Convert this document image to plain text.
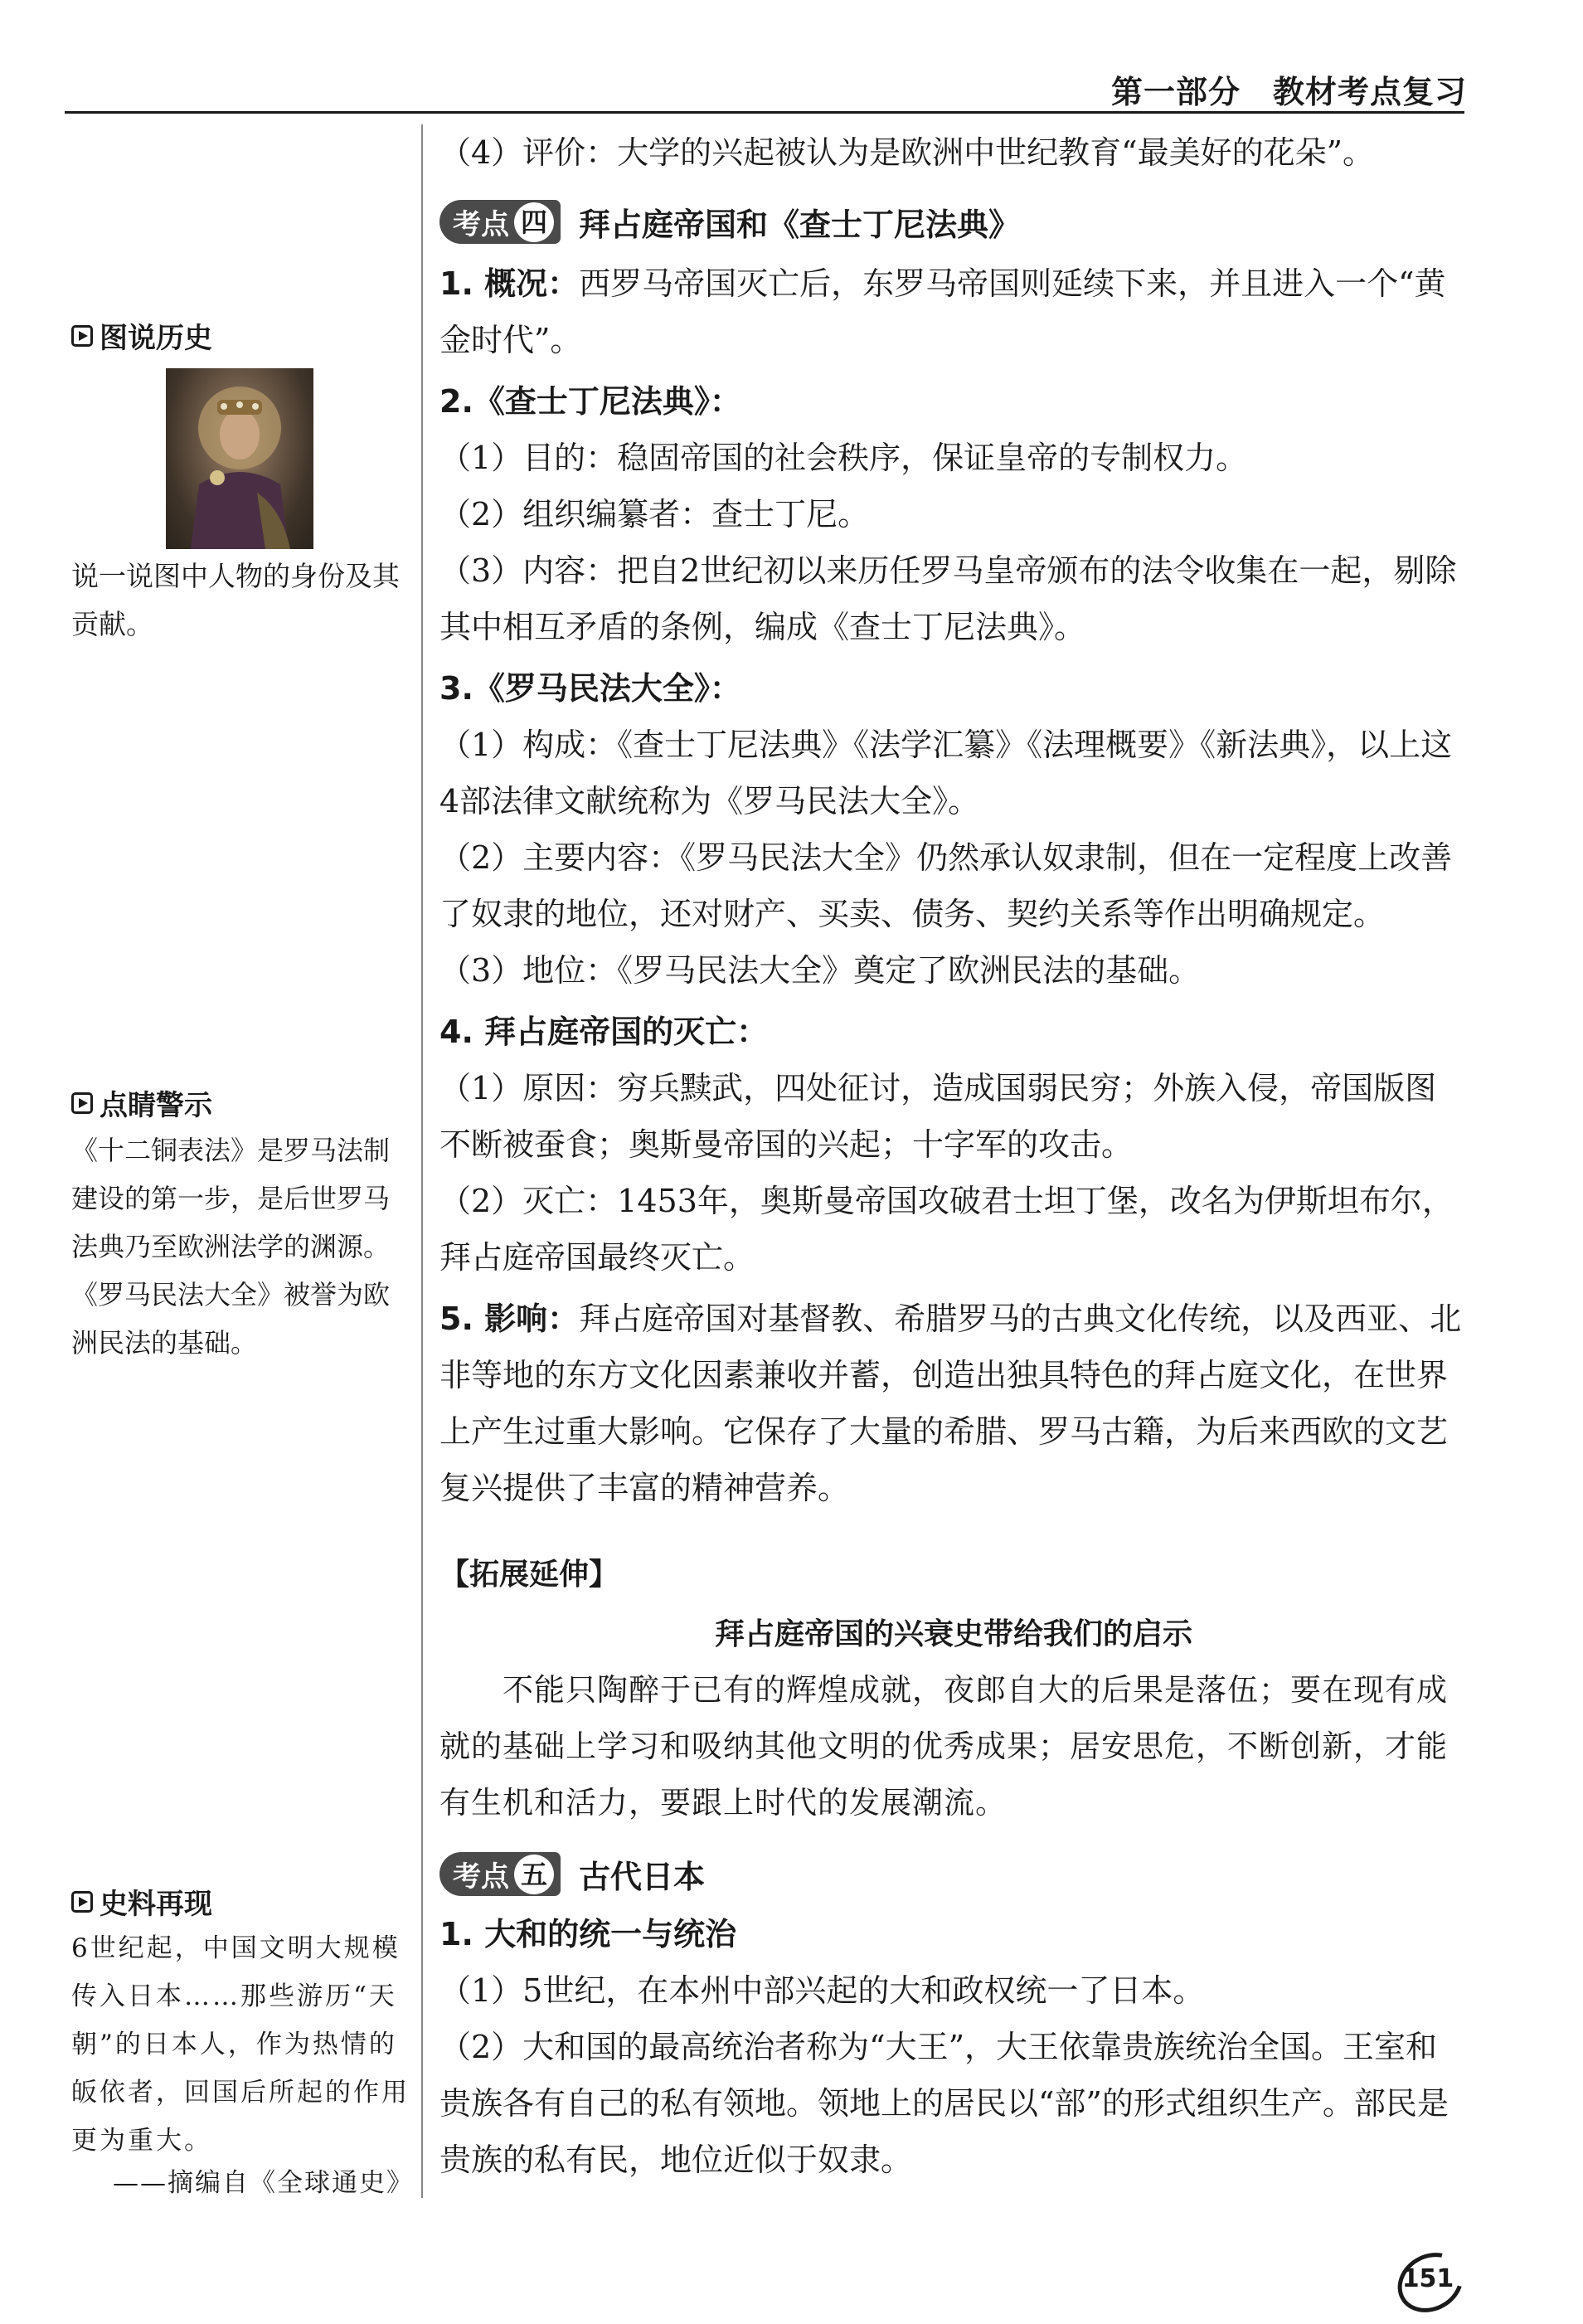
第一部分　教材考点复习
图说历史
说一说图中人物的身份及其贡献。
点睛警示
《十二铜表法》是罗马法制
建设的第一步，是后世罗马
法典乃至欧洲法学的渊源。
《罗马民法大全》被誉为欧
洲民法的基础。
史料再现
6世纪起，中国文明大规模
传入日本……那些游历“天
朝”的日本人，作为热情的
皈依者，回国后所起的作用
更为重大。
——摘编自《全球通史》
（4）评价：大学的兴起被认为是欧洲中世纪教育“最美好的花朵”。
考点 四 拜占庭帝国和《查士丁尼法典》
1. 概况：西罗马帝国灭亡后，东罗马帝国则延续下来，并且进入一个“黄金时代”。
2.《查士丁尼法典》：
（1）目的：稳固帝国的社会秩序，保证皇帝的专制权力。
（2）组织编纂者：查士丁尼。
（3）内容：把自2世纪初以来历任罗马皇帝颁布的法令收集在一起，剔除其中相互矛盾的条例，编成《查士丁尼法典》。
3.《罗马民法大全》：
（1）构成：《查士丁尼法典》《法学汇纂》《法理概要》《新法典》，以上这4部法律文献统称为《罗马民法大全》。
（2）主要内容：《罗马民法大全》仍然承认奴隶制，但在一定程度上改善了奴隶的地位，还对财产、买卖、债务、契约关系等作出明确规定。
（3）地位：《罗马民法大全》奠定了欧洲民法的基础。
4. 拜占庭帝国的灭亡：
（1）原因：穷兵黩武，四处征讨，造成国弱民穷；外族入侵，帝国版图不断被蚕食；奥斯曼帝国的兴起；十字军的攻击。
（2）灭亡：1453年，奥斯曼帝国攻破君士坦丁堡，改名为伊斯坦布尔，拜占庭帝国最终灭亡。
5. 影响：拜占庭帝国对基督教、希腊罗马的古典文化传统，以及西亚、北非等地的东方文化因素兼收并蓄，创造出独具特色的拜占庭文化，在世界上产生过重大影响。它保存了大量的希腊、罗马古籍，为后来西欧的文艺复兴提供了丰富的精神营养。
【拓展延伸】
拜占庭帝国的兴衰史带给我们的启示
不能只陶醉于已有的辉煌成就，夜郎自大的后果是落伍；要在现有成就的基础上学习和吸纳其他文明的优秀成果；居安思危，不断创新，才能有生机和活力，要跟上时代的发展潮流。
考点 五 古代日本
1. 大和的统一与统治
（1）5世纪，在本州中部兴起的大和政权统一了日本。
（2）大和国的最高统治者称为“大王”，大王依靠贵族统治全国。王室和贵族各有自己的私有领地。领地上的居民以“部”的形式组织生产。部民是贵族的私有民，地位近似于奴隶。
151
